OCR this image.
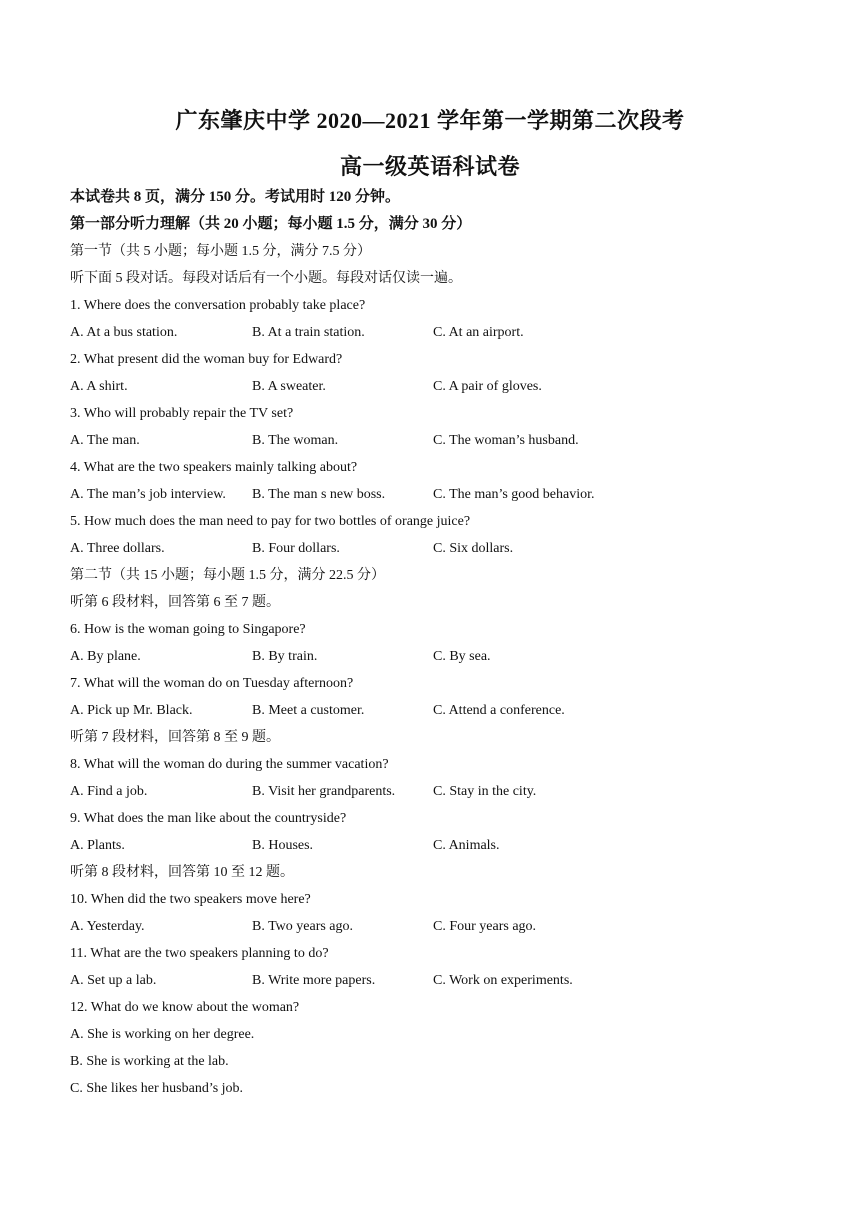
广东肇庆中学 2020—2021 学年第一学期第二次段考
高一级英语科试卷
本试卷共 8 页，满分 150 分。考试用时 120 分钟。
第一部分听力理解（共 20 小题；每小题 1.5 分，满分 30 分）
第一节（共 5 小题；每小题 1.5 分，满分 7.5 分）
听下面 5 段对话。每段对话后有一个小题。每段对话仅读一遍。
1. Where does the conversation probably take place?
A. At a bus station.	B. At a train station.	C. At an airport.
2. What present did the woman buy for Edward?
A. A shirt.	B. A sweater.	C. A pair of gloves.
3. Who will probably repair the TV set?
A. The man.	B. The woman.	C. The woman’s husband.
4. What are the two speakers mainly talking about?
A. The man’s job interview. B. The man s new boss.	C. The man’s good behavior.
5. How much does the man need to pay for two bottles of orange juice?
A. Three dollars.	B. Four dollars.	C. Six dollars.
第二节（共 15 小题；每小题 1.5 分，满分 22.5 分）
听第 6 段材料，回答第 6 至 7 题。
6. How is the woman going to Singapore?
A. By plane.	B. By train.	C. By sea.
7. What will the woman do on Tuesday afternoon?
A. Pick up Mr. Black.	B. Meet a customer.	C. Attend a conference.
听第 7 段材料，回答第 8 至 9 题。
8. What will the woman do during the summer vacation?
A. Find a job.	B. Visit her grandparents.	C. Stay in the city.
9. What does the man like about the countryside?
A. Plants.	B. Houses.	C. Animals.
听第 8 段材料，回答第 10 至 12 题。
10. When did the two speakers move here?
A. Yesterday.	B. Two years ago.	C. Four years ago.
11. What are the two speakers planning to do?
A. Set up a lab.	B. Write more papers.	C. Work on experiments.
12. What do we know about the woman?
A. She is working on her degree.
B. She is working at the lab.
C. She likes her husband’s job.
